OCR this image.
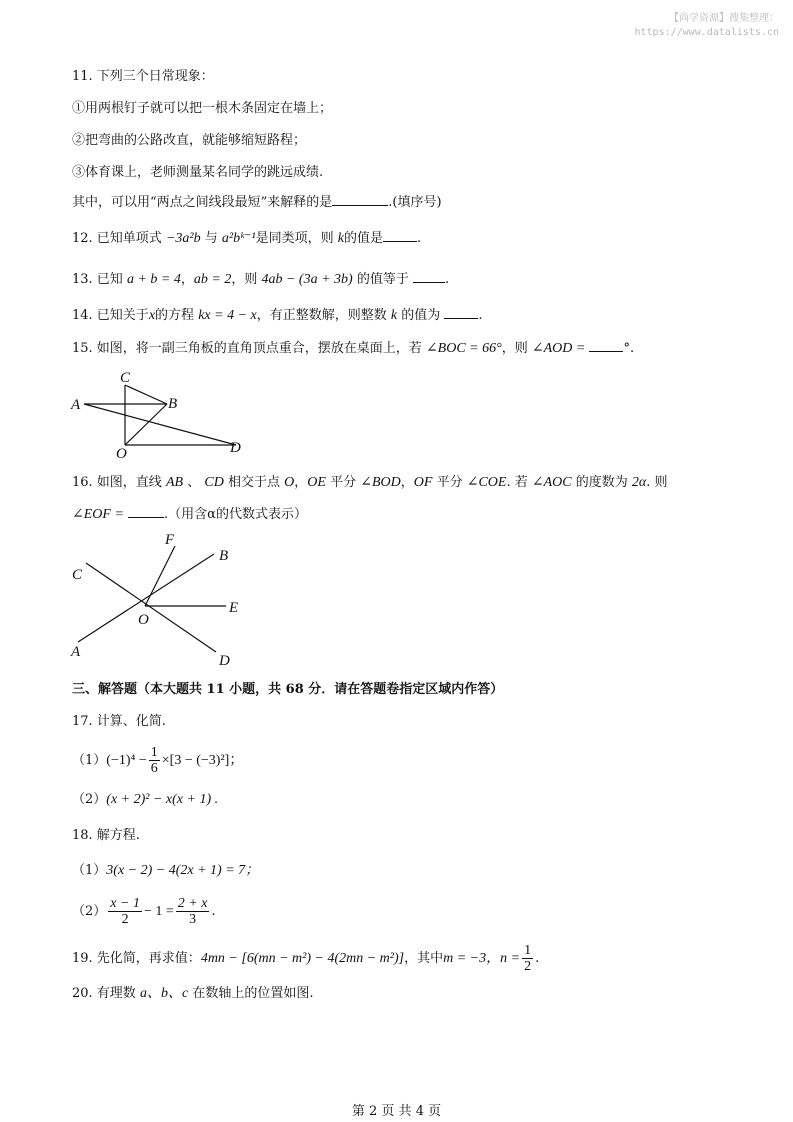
【尚学资源】搜集整理：
https://www.datalists.cn
11. 下列三个日常现象：
①用两根钉子就可以把一根木条固定在墙上；
②把弯曲的公路改直，就能够缩短路程；
③体育课上，老师测量某名同学的跳远成绩.
其中，可以用“两点之间线段最短”来解释的是	.(填序号)
12. 已知单项式 −3a²b 与 a²bᵏ⁻¹是同类项，则 k的值是	.
13. 已知 a + b = 4，ab = 2，则 4ab − (3a + 3b) 的值等于	.
14. 已知关于x的方程 kx = 4 − x，有正整数解，则整数 k 的值为	.
15. 如图，将一副三角板的直角顶点重合，摆放在桌面上，若 ∠BOC = 66°，则 ∠AOD =	°.
C
A	B
O	D
16. 如图，直线 AB 、 CD 相交于点 O，OE 平分 ∠BOD，OF 平分 ∠COE. 若 ∠AOC 的度数为 2α. 则
∠EOF =	.（用含α的代数式表示）
F
B
C
E
O
A
D
三、解答题（本大题共 11 小题，共 68 分．请在答题卷指定区域内作答）
17. 计算、化简.
$(1)(-1)^4 - \frac{1}{6} \times[3 - (-3)^2]$；
（2）(x + 2)² − x(x + 1) .
18. 解方程.
（1）3(x − 2) − 4(2x + 1) = 7；
$(2) \frac{x - 1}{2} - 1 = \frac{2 + x}{3}$ .
19. 先化简，再求值：4mn − [6(mn − m²) − 4(2mn − m²)]，其中m = −3，$n = \frac{1}{2}$ .
20. 有理数 a、b、c 在数轴上的位置如图.
第 2 页 共 4 页
